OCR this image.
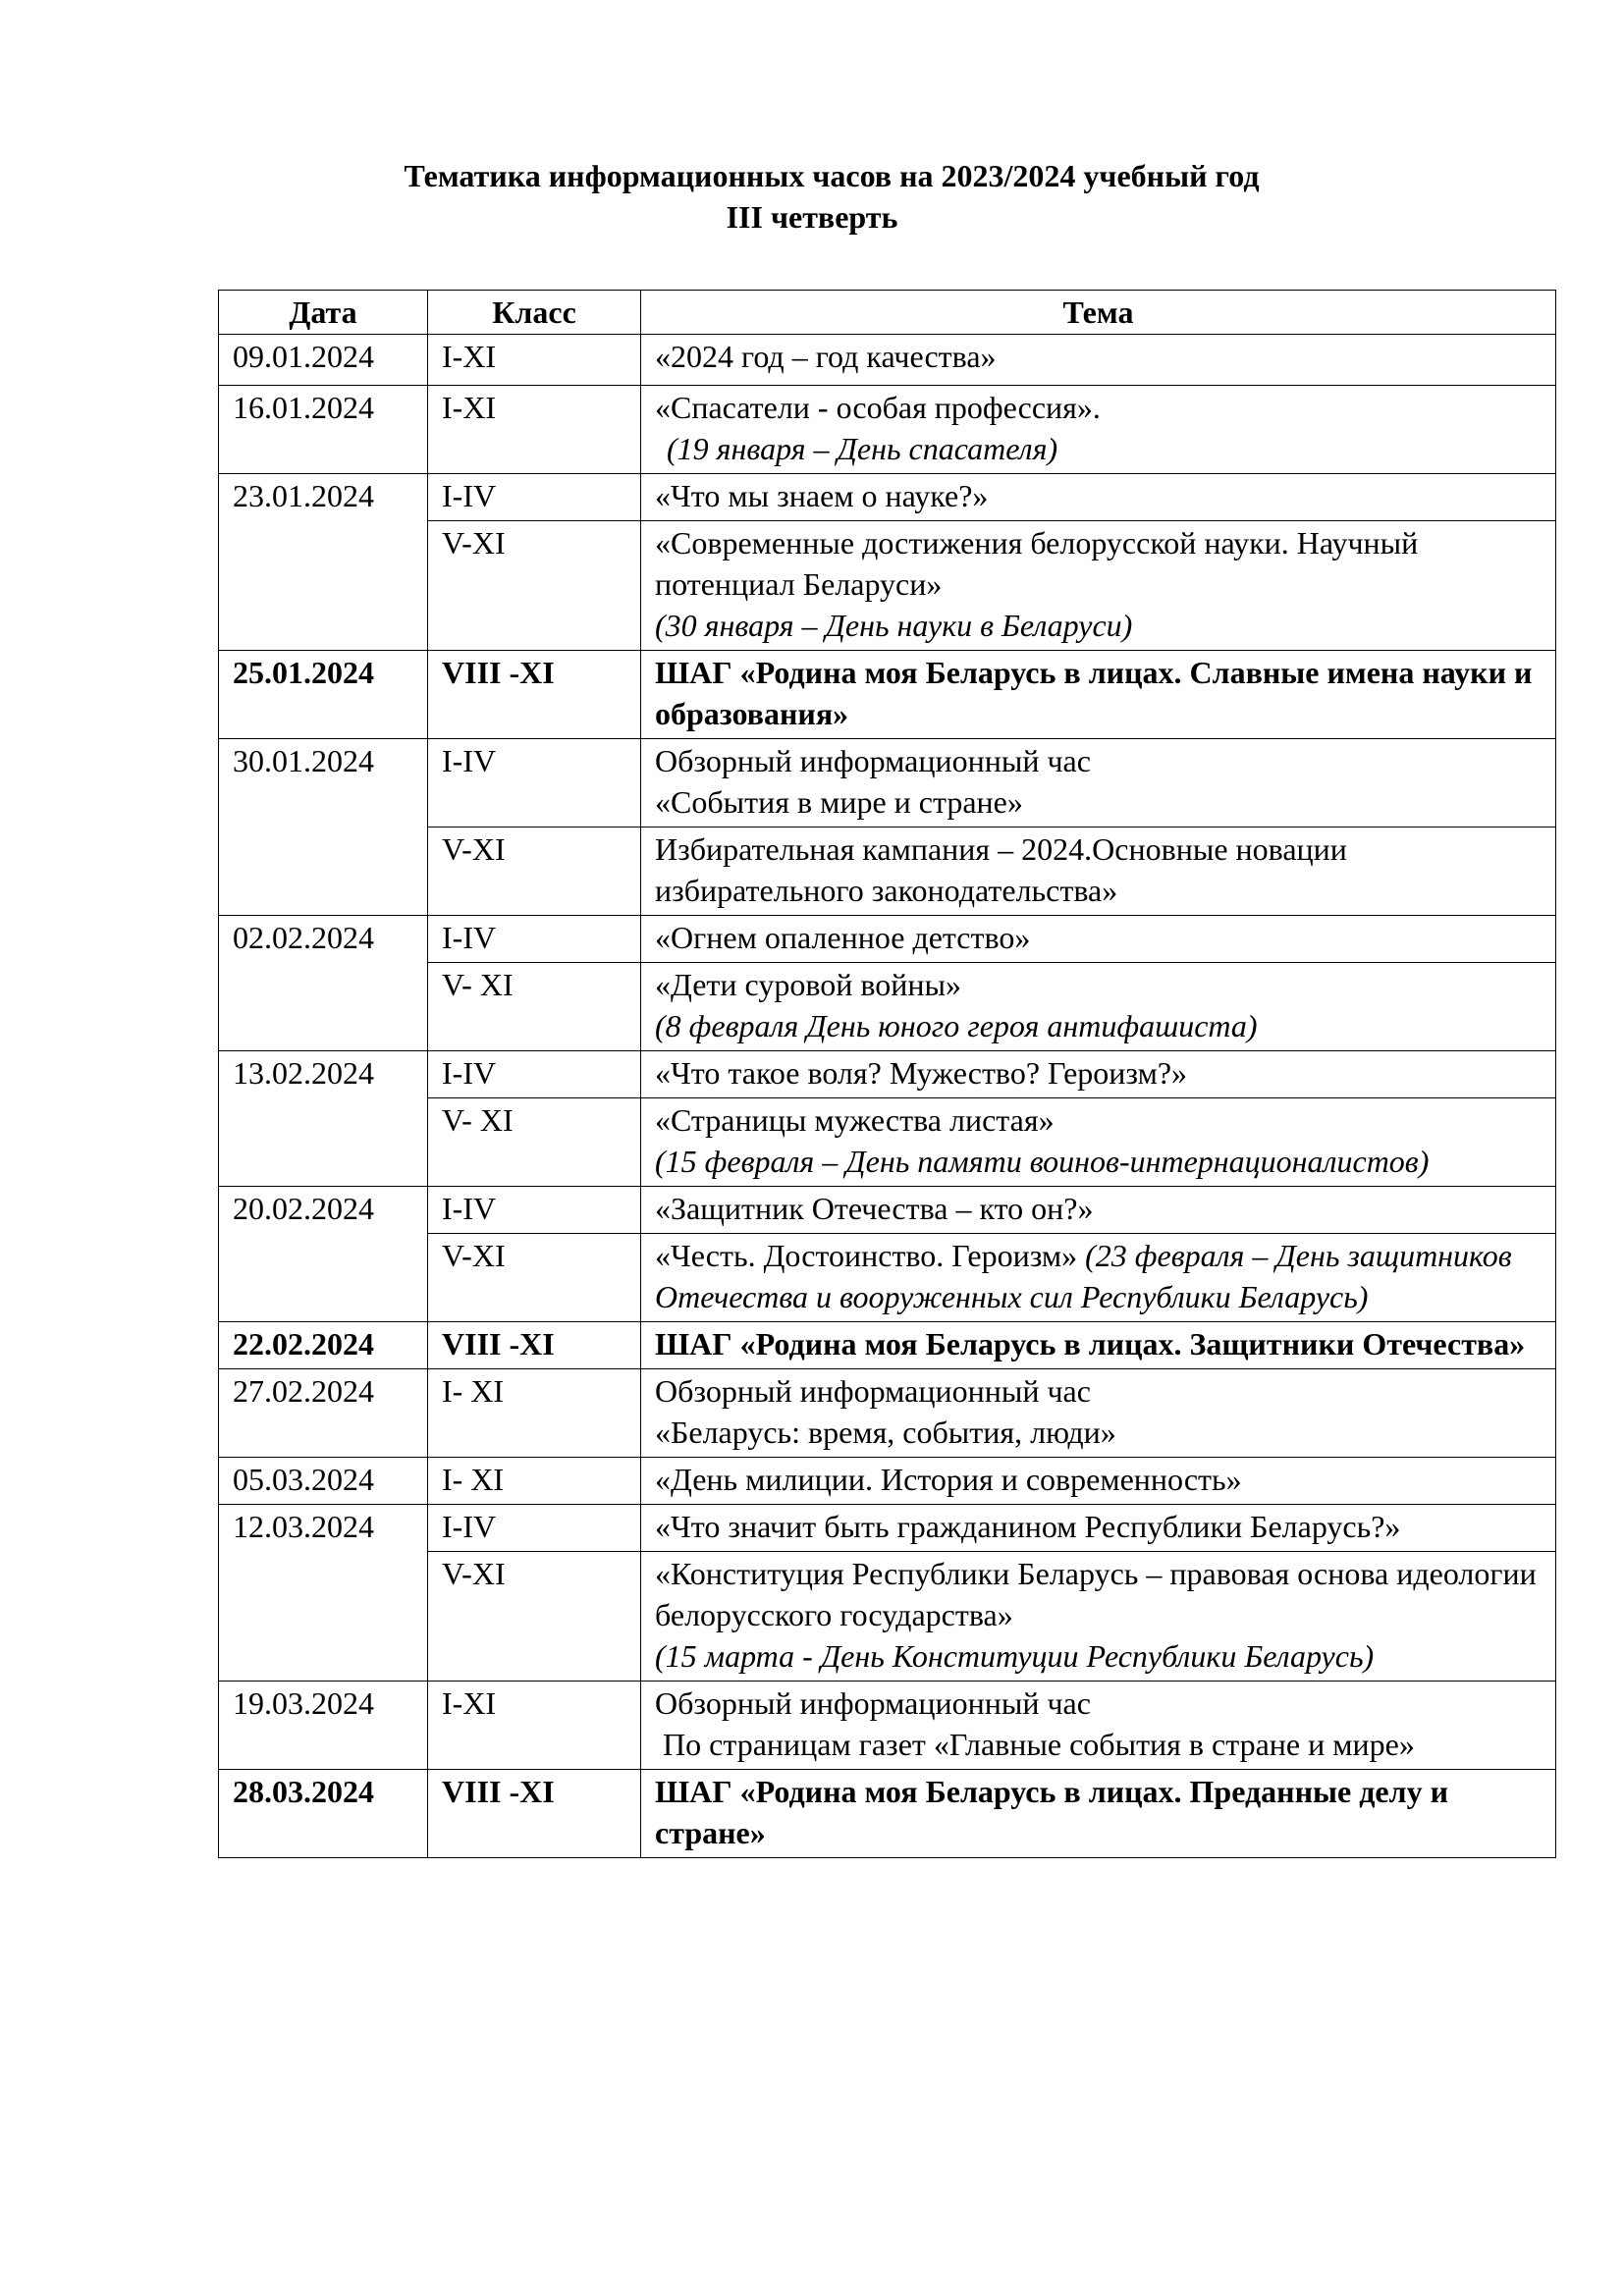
Тематика информационных часов на 2023/2024 учебный год
III четверть
Дата	Класс	Тема
09.01.2024	I-XI	«2024 год – год качества»
16.01.2024	I-XI	«Спасатели - особая профессия».
(19 января – День спасателя)

23.01.2024	I-IV	«Что мы знаем о науке?»
	V-XI	«Современные достижения белорусской науки. Научный потенциал Беларуси»
(30 января – День науки в Беларуси)

25.01.2024	VIII -XI	ШАГ «Родина моя Беларусь в лицах. Славные имена науки и образования»
30.01.2024	I-IV	Обзорный информационный час
«События в мире и стране»

	V-XI	Избирательная кампания – 2024.Основные новации избирательного законодательства»
02.02.2024	I-IV	«Огнем опаленное детство»
	V- XI	«Дети суровой войны»
(8 февраля День юного героя антифашиста)

13.02.2024	I-IV	«Что такое воля? Мужество? Героизм?»
	V- XI	«Страницы мужества листая»
(15 февраля – День памяти воинов-интернационалистов)

20.02.2024	I-IV	«Защитник Отечества – кто он?»
	V-XI	«Честь. Достоинство. Героизм» (23 февраля – День защитников Отечества и вооруженных сил Республики Беларусь)
22.02.2024	VIII -XI	ШАГ «Родина моя Беларусь в лицах. Защитники Отечества»
27.02.2024	I- XI	Обзорный информационный час
«Беларусь: время, события, люди»

05.03.2024	I- XI	«День милиции. История и современность»
12.03.2024	I-IV	«Что значит быть гражданином Республики Беларусь?»
	V-XI	«Конституция Республики Беларусь – правовая основа идеологии белорусского государства»
(15 марта - День Конституции Республики Беларусь)

19.03.2024	I-XI	Обзорный информационный час
По страницам газет «Главные события в стране и мире»

28.03.2024	VIII -XI	ШАГ «Родина моя Беларусь в лицах. Преданные делу и стране»
